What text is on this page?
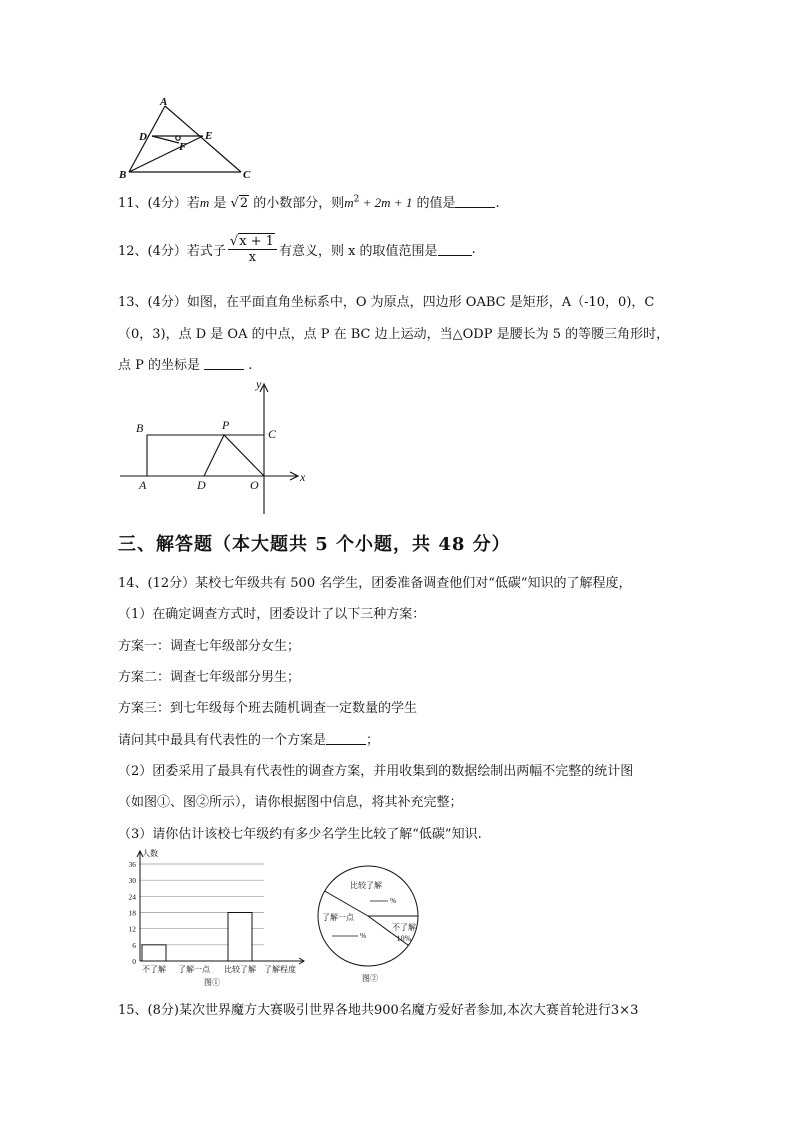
A
D	E
F
B	C
11、(4分）若m 是 √2 的小数部分，则$m^2 + 2m + 1$ 的值是	.
12、(4分）若式子 $\frac{√x + 1}{x}$ 有意义，则 x 的取值范围是	.
13、(4分）如图，在平面直角坐标系中，O 为原点，四边形 OABC 是矩形，A（-10，0)，C
（0，3)，点 D 是 OA 的中点，点 P 在 BC 边上运动，当△ODP 是腰长为 5 的等腰三角形时，
点 P 的坐标是	.
y
x
B	P
C
A	D	O
三、解答题（本大题共 5 个小题，共 48 分）
14、(12分）某校七年级共有 500 名学生，团委准备调查他们对“低碳”知识的了解程度，
（1）在确定调查方式时，团委设计了以下三种方案：
方案一：调查七年级部分女生；
方案二：调查七年级部分男生；
方案三：到七年级每个班去随机调查一定数量的学生
请问其中最具有代表性的一个方案是	；
（2）团委采用了最具有代表性的调查方案，并用收集到的数据绘制出两幅不完整的统计图
（如图①、图②所示），请你根据图中信息，将其补充完整；
（3）请你估计该校七年级约有多少名学生比较了解“低碳”知识.
0
6
12
18
24
30
36
人数
不了解 了解一点 比较了解 了解程度
图①
比较了解
%
了解一点
%
不了解
10%
图②
15、(8分)某次世界魔方大赛吸引世界各地共900名魔方爱好者参加,本次大赛首轮进行3×3
